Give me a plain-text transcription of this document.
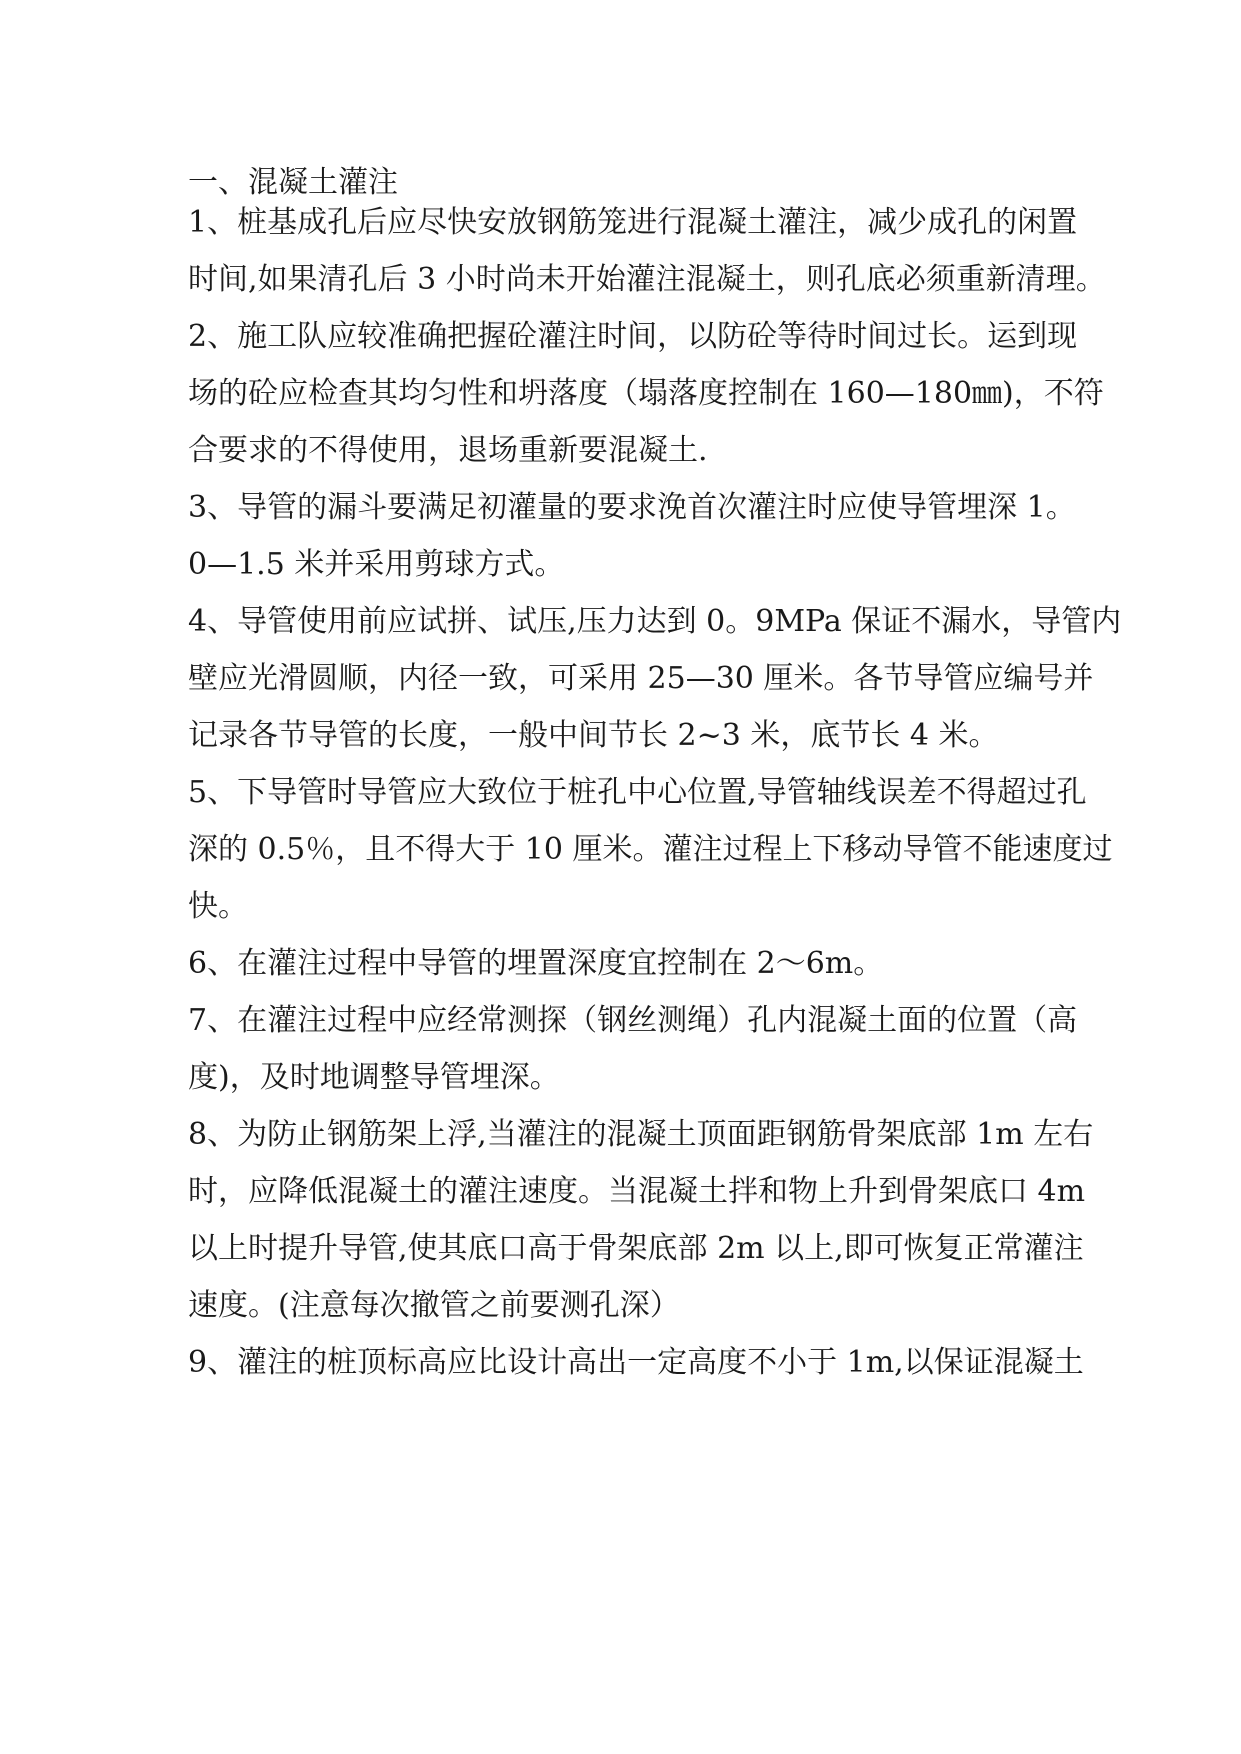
一、混凝土灌注
1、桩基成孔后应尽快安放钢筋笼进行混凝土灌注，减少成孔的闲置
时间,如果清孔后 3 小时尚未开始灌注混凝土，则孔底必须重新清理。
2、施工队应较准确把握砼灌注时间，以防砼等待时间过长。运到现
场的砼应检查其均匀性和坍落度（塌落度控制在 160—180㎜)，不符
合要求的不得使用，退场重新要混凝土.
3、导管的漏斗要满足初灌量的要求浼首次灌注时应使导管埋深 1。
0—1.5 米并采用剪球方式。
4、导管使用前应试拼、试压,压力达到 0。9MPa 保证不漏水，导管内
壁应光滑圆顺，内径一致，可采用 25—30 厘米。各节导管应编号并
记录各节导管的长度，一般中间节长 2~3 米，底节长 4 米。
5、下导管时导管应大致位于桩孔中心位置,导管轴线误差不得超过孔
深的 0.5％，且不得大于 10 厘米。灌注过程上下移动导管不能速度过
快。
6、在灌注过程中导管的埋置深度宜控制在 2～6m。
7、在灌注过程中应经常测探（钢丝测绳）孔内混凝土面的位置（高
度)，及时地调整导管埋深。
8、为防止钢筋架上浮,当灌注的混凝土顶面距钢筋骨架底部 1m 左右
时，应降低混凝土的灌注速度。当混凝土拌和物上升到骨架底口 4m
以上时提升导管,使其底口高于骨架底部 2m 以上,即可恢复正常灌注
速度。(注意每次撤管之前要测孔深）
9、灌注的桩顶标高应比设计高出一定高度不小于 1m,以保证混凝土
